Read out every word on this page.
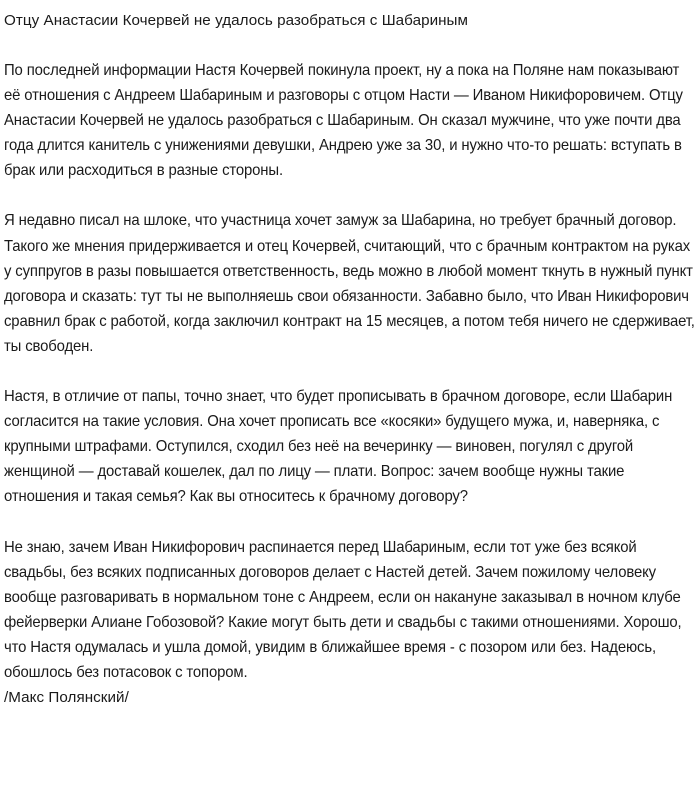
Отцу Анастасии Кочервей не удалось разобраться с Шабариным

По последней информации Настя Кочервей покинула проект, ну а пока на Поляне нам показывают её отношения с Андреем Шабариным и разговоры с отцом Насти — Иваном Никифоровичем. Отцу Анастасии Кочервей не удалось разобраться с Шабариным. Он сказал мужчине, что уже почти два года длится канитель с унижениями девушки, Андрею уже за 30, и нужно что-то решать: вступать в брак или расходиться в разные стороны.

Я недавно писал на шлоке, что участница хочет замуж за Шабарина, но требует брачный договор. Такого же мнения придерживается и отец Кочервей, считающий, что с брачным контрактом на руках у суппругов в разы повышается ответственность, ведь можно в любой момент ткнуть в нужный пункт договора и сказать: тут ты не выполняешь свои обязанности. Забавно было, что Иван Никифорович сравнил брак с работой, когда заключил контракт на 15 месяцев, а потом тебя ничего не сдерживает, ты свободен.

Настя, в отличие от папы, точно знает, что будет прописывать в брачном договоре, если Шабарин согласится на такие условия. Она хочет прописать все «косяки» будущего мужа, и, наверняка, с крупными штрафами. Оступился, сходил без неё на вечеринку — виновен, погулял с другой женщиной — доставай кошелек, дал по лицу — плати. Вопрос: зачем вообще нужны такие отношения и такая семья? Как вы относитесь к брачному договору?

Не знаю, зачем Иван Никифорович распинается перед Шабариным, если тот уже без всякой свадьбы, без всяких подписанных договоров делает с Настей детей. Зачем пожилому человеку вообще разговаривать в нормальном тоне с Андреем, если он накануне заказывал в ночном клубе фейерверки Алиане Гобозовой? Какие могут быть дети и свадьбы с такими отношениями. Хорошо, что Настя одумалась и ушла домой, увидим в ближайшее время - с позором или без. Надеюсь, обошлось без потасовок с топором.

/Макс Полянский/
